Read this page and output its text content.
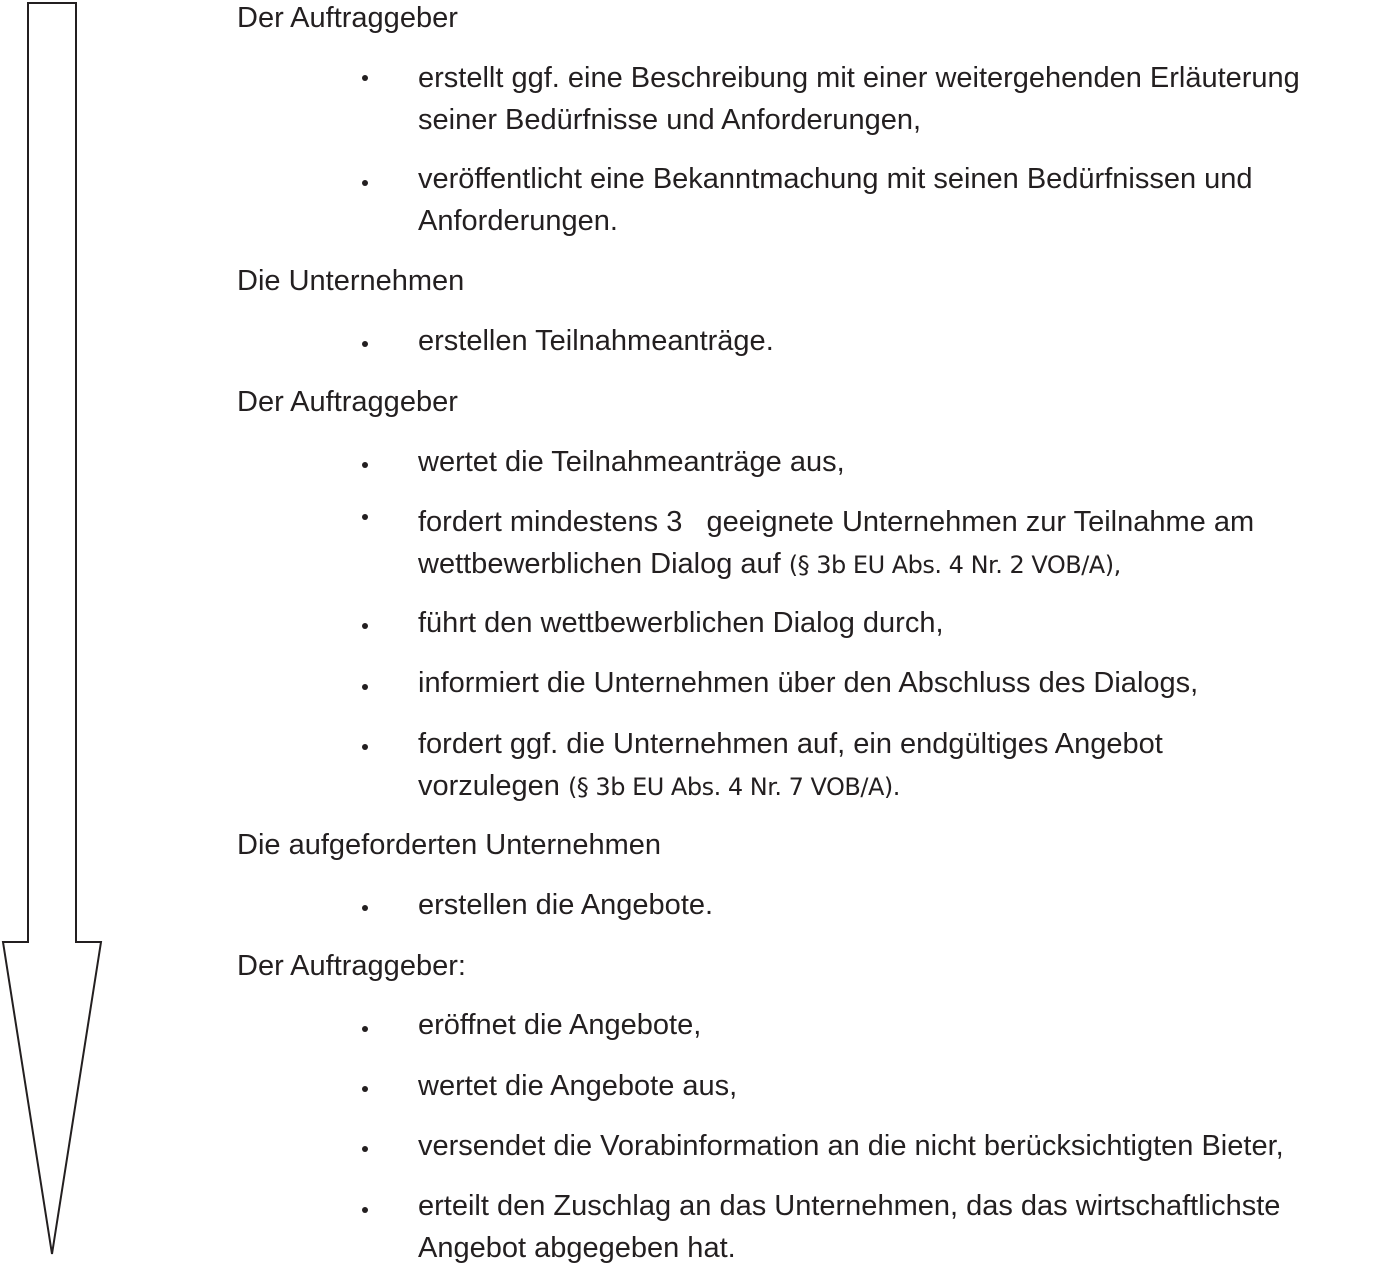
Der Auftraggeber
erstellt ggf. eine Beschreibung mit einer weitergehenden Erläuterung
seiner Bedürfnisse und Anforderungen,
veröffentlicht eine Bekanntmachung mit seinen Bedürfnissen und
Anforderungen.
Die Unternehmen
erstellen Teilnahmeanträge.
Der Auftraggeber
wertet die Teilnahmeanträge aus,
fordert mindestens 3   geeignete Unternehmen zur Teilnahme am
wettbewerblichen Dialog auf (§ 3b EU Abs. 4 Nr. 2 VOB/A),
führt den wettbewerblichen Dialog durch,
informiert die Unternehmen über den Abschluss des Dialogs,
fordert ggf. die Unternehmen auf, ein endgültiges Angebot
vorzulegen (§ 3b EU Abs. 4 Nr. 7 VOB/A).
Die aufgeforderten Unternehmen
erstellen die Angebote.
Der Auftraggeber:
eröffnet die Angebote,
wertet die Angebote aus,
versendet die Vorabinformation an die nicht berücksichtigten Bieter,
erteilt den Zuschlag an das Unternehmen, das das wirtschaftlichste
Angebot abgegeben hat.
